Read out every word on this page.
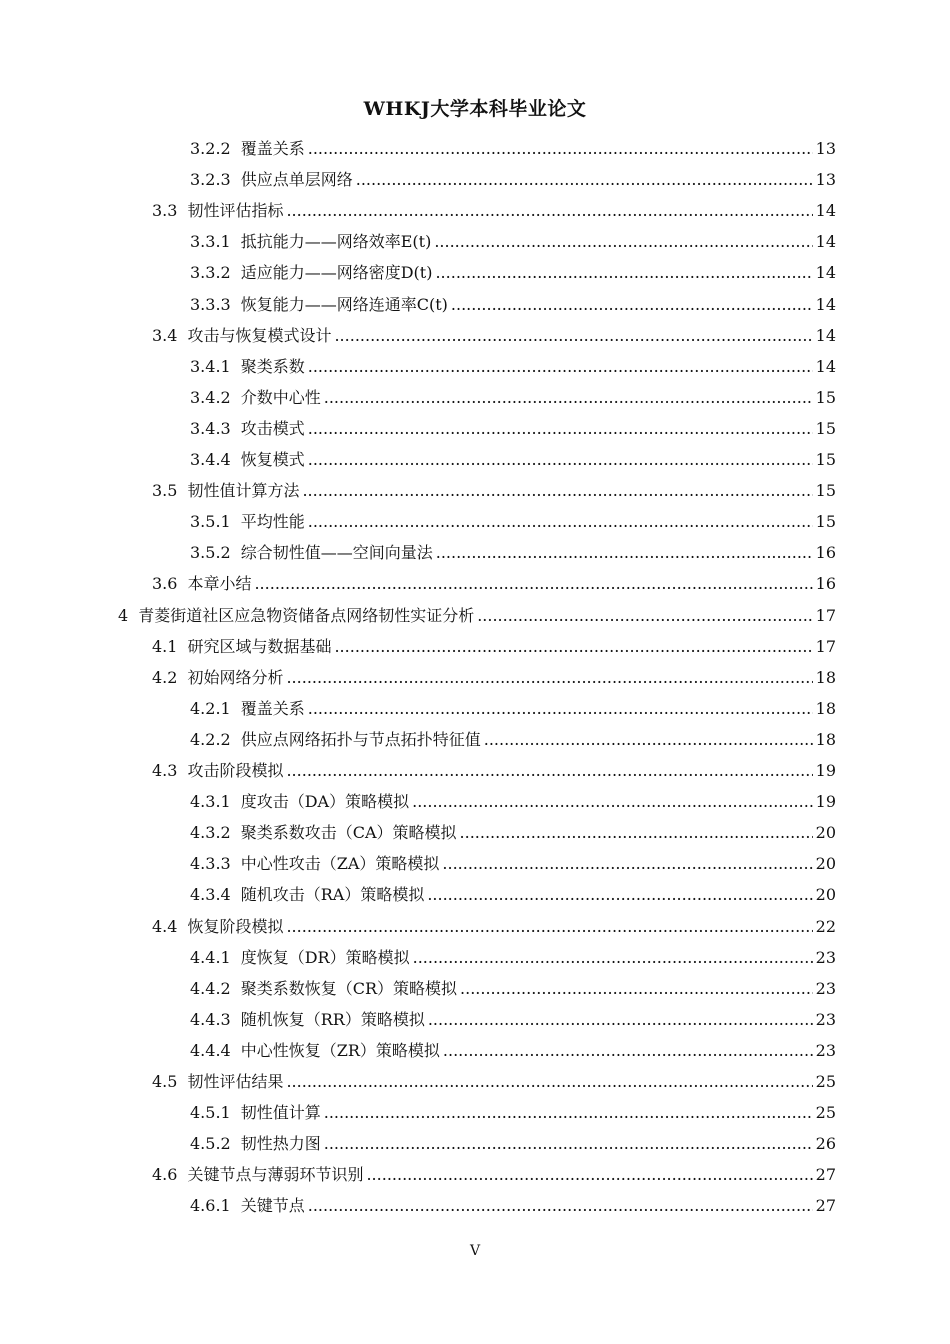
WHKJ大学本科毕业论文
3.2.2 覆盖关系 .....	13
3.2.3 供应点单层网络 .....	13
3.3 韧性评估指标 .....	14
3.3.1 抵抗能力——网络效率E(t) .....	14
3.3.2 适应能力——网络密度D(t) .....	14
3.3.3 恢复能力——网络连通率C(t) .....	14
3.4 攻击与恢复模式设计 .....	14
3.4.1 聚类系数 .....	14
3.4.2 介数中心性 .....	15
3.4.3 攻击模式 .....	15
3.4.4 恢复模式 .....	15
3.5 韧性值计算方法 .....	15
3.5.1 平均性能 .....	15
3.5.2 综合韧性值——空间向量法 .....	16
3.6 本章小结 .....	16
4 青菱街道社区应急物资储备点网络韧性实证分析 .....	17
4.1 研究区域与数据基础 .....	17
4.2 初始网络分析 .....	18
4.2.1 覆盖关系 .....	18
4.2.2 供应点网络拓扑与节点拓扑特征值 .....	18
4.3 攻击阶段模拟 .....	19
4.3.1 度攻击（DA）策略模拟 .....	19
4.3.2 聚类系数攻击（CA）策略模拟 .....	20
4.3.3 中心性攻击（ZA）策略模拟 .....	20
4.3.4 随机攻击（RA）策略模拟 .....	20
4.4 恢复阶段模拟 .....	22
4.4.1 度恢复（DR）策略模拟 .....	23
4.4.2 聚类系数恢复（CR）策略模拟 .....	23
4.4.3 随机恢复（RR）策略模拟 .....	23
4.4.4 中心性恢复（ZR）策略模拟 .....	23
4.5 韧性评估结果 .....	25
4.5.1 韧性值计算 .....	25
4.5.2 韧性热力图 .....	26
4.6 关键节点与薄弱环节识别 .....	27
4.6.1 关键节点 .....	27
V
